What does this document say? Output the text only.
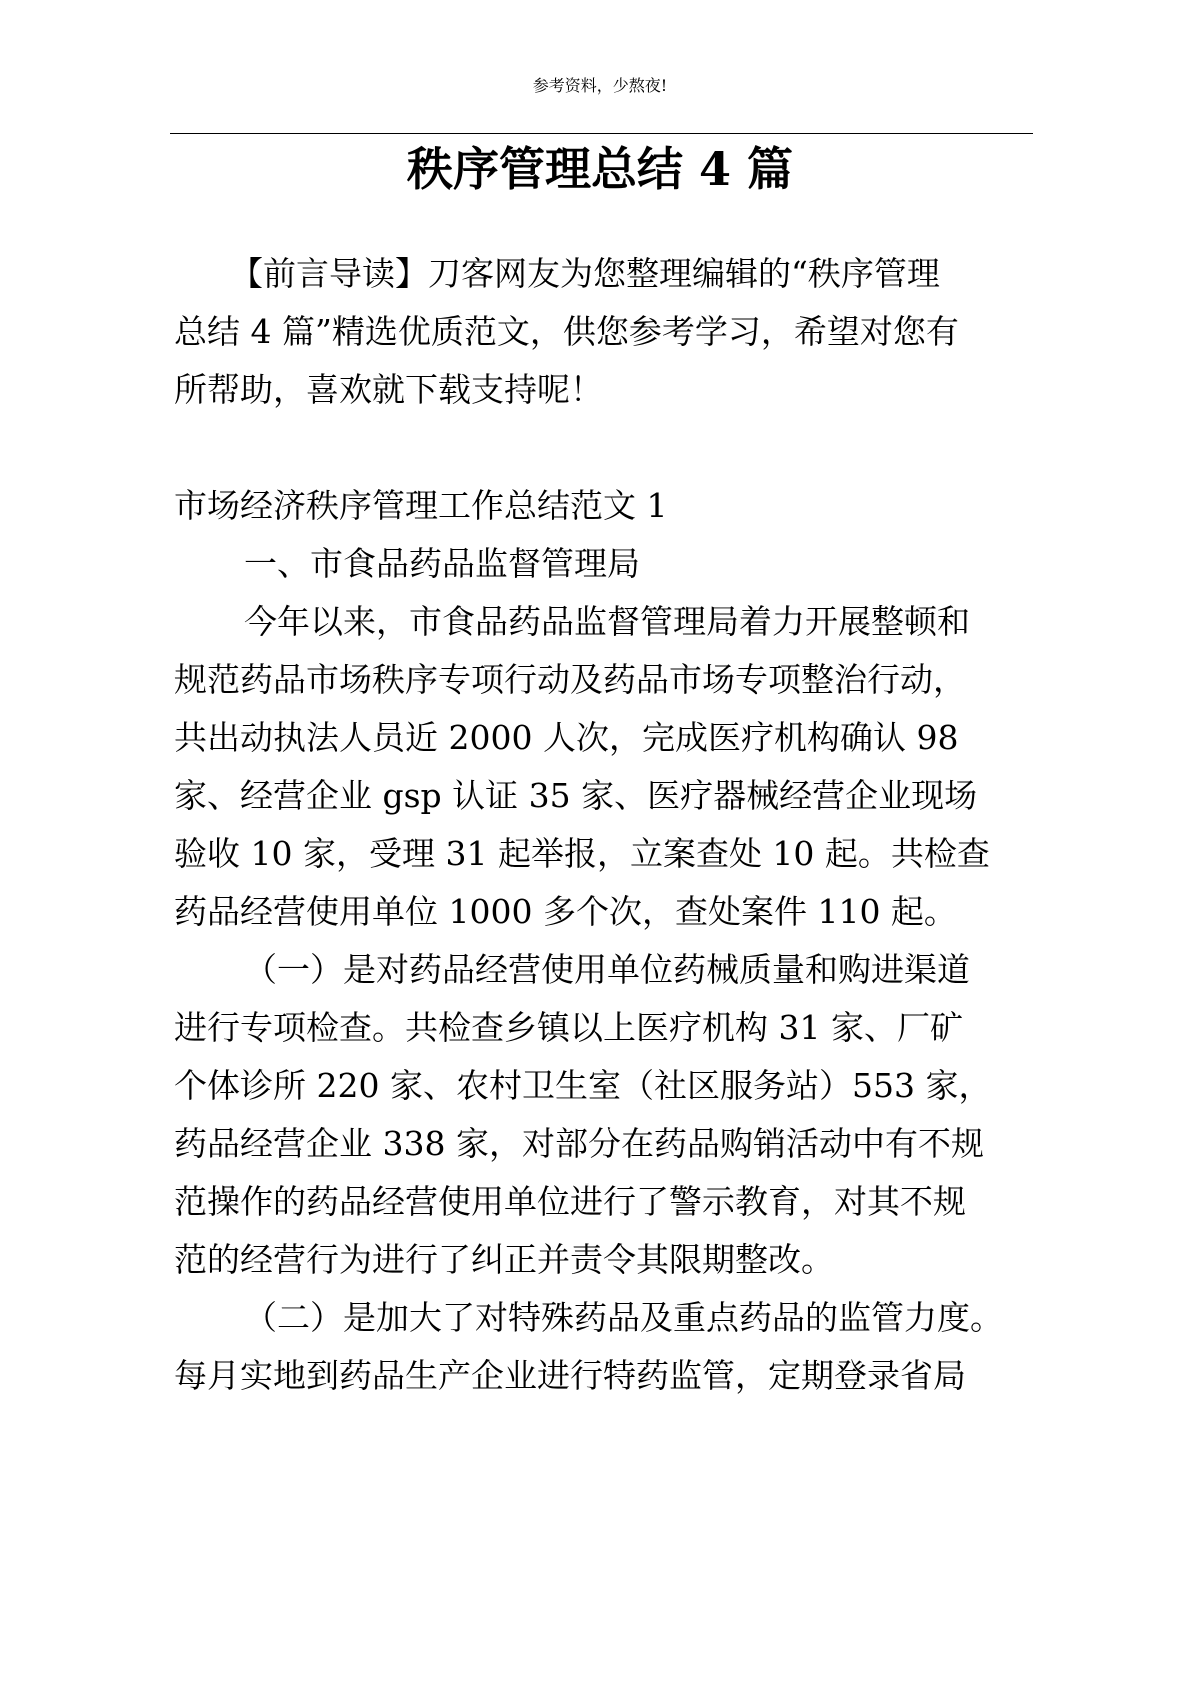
参考资料，少熬夜!
秩序管理总结 4 篇
【前言导读】刀客网友为您整理编辑的“秩序管理
总结 4 篇”精选优质范文，供您参考学习，希望对您有
所帮助，喜欢就下载支持呢！
市场经济秩序管理工作总结范文 1
一、市食品药品监督管理局
今年以来，市食品药品监督管理局着力开展整顿和
规范药品市场秩序专项行动及药品市场专项整治行动，
共出动执法人员近 2000 人次，完成医疗机构确认 98
家、经营企业 gsp 认证 35 家、医疗器械经营企业现场
验收 10 家，受理 31 起举报，立案查处 10 起。共检查
药品经营使用单位 1000 多个次，查处案件 110 起。
（一）是对药品经营使用单位药械质量和购进渠道
进行专项检查。共检查乡镇以上医疗机构 31 家、厂矿
个体诊所 220 家、农村卫生室（社区服务站）553 家，
药品经营企业 338 家，对部分在药品购销活动中有不规
范操作的药品经营使用单位进行了警示教育，对其不规
范的经营行为进行了纠正并责令其限期整改。
（二）是加大了对特殊药品及重点药品的监管力度。
每月实地到药品生产企业进行特药监管，定期登录省局
